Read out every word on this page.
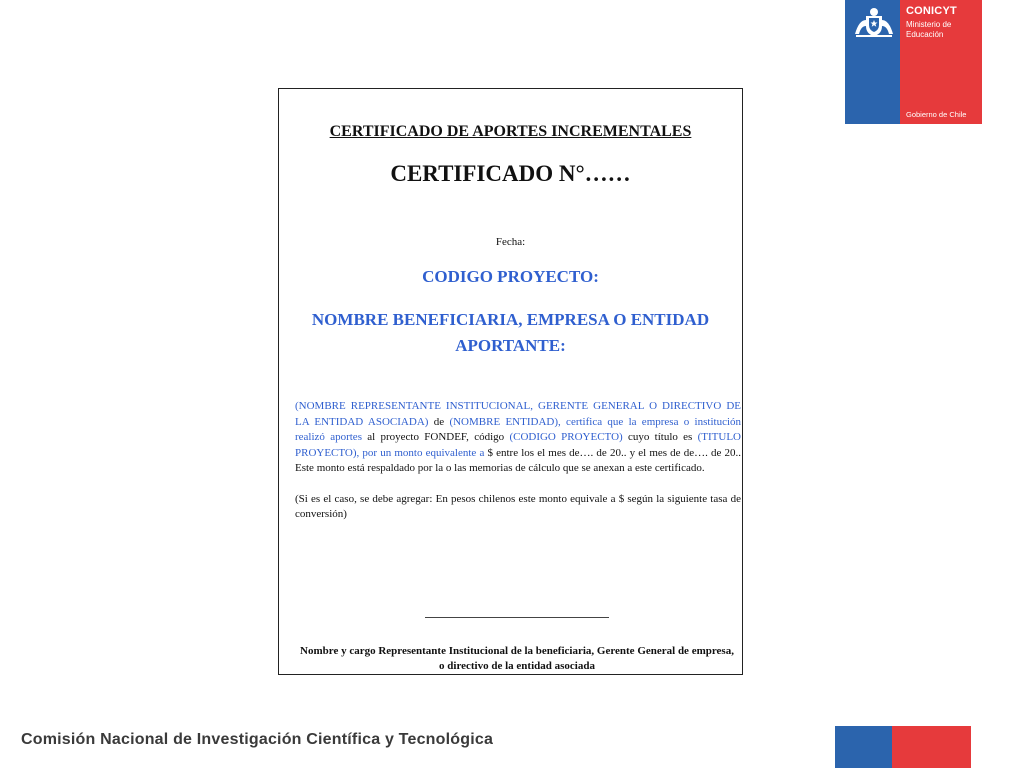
CONICYT
Ministerio de
Educación
Gobierno de Chile
CERTIFICADO DE APORTES INCREMENTALES
CERTIFICADO N°……
Fecha:
CODIGO PROYECTO:
NOMBRE BENEFICIARIA, EMPRESA O ENTIDAD APORTANTE:

(NOMBRE REPRESENTANTE INSTITUCIONAL, GERENTE GENERAL O DIRECTIVO DE LA ENTIDAD ASOCIADA) de (NOMBRE ENTIDAD), certifica que la empresa o institución realizó aportes al proyecto FONDEF, código (CODIGO PROYECTO) cuyo título es (TITULO PROYECTO), por un monto equivalente a $ entre los el mes de…. de 20.. y el mes de de…. de 20.. Este monto está respaldado por la o las memorias de cálculo que se anexan a este certificado.

(Si es el caso, se debe agregar: En pesos chilenos este monto equivale a $ según la siguiente tasa de conversión)

Nombre y cargo Representante Institucional de la beneficiaria, Gerente General de empresa, o directivo de la entidad asociada
Comisión Nacional de Investigación Científica y Tecnológica
